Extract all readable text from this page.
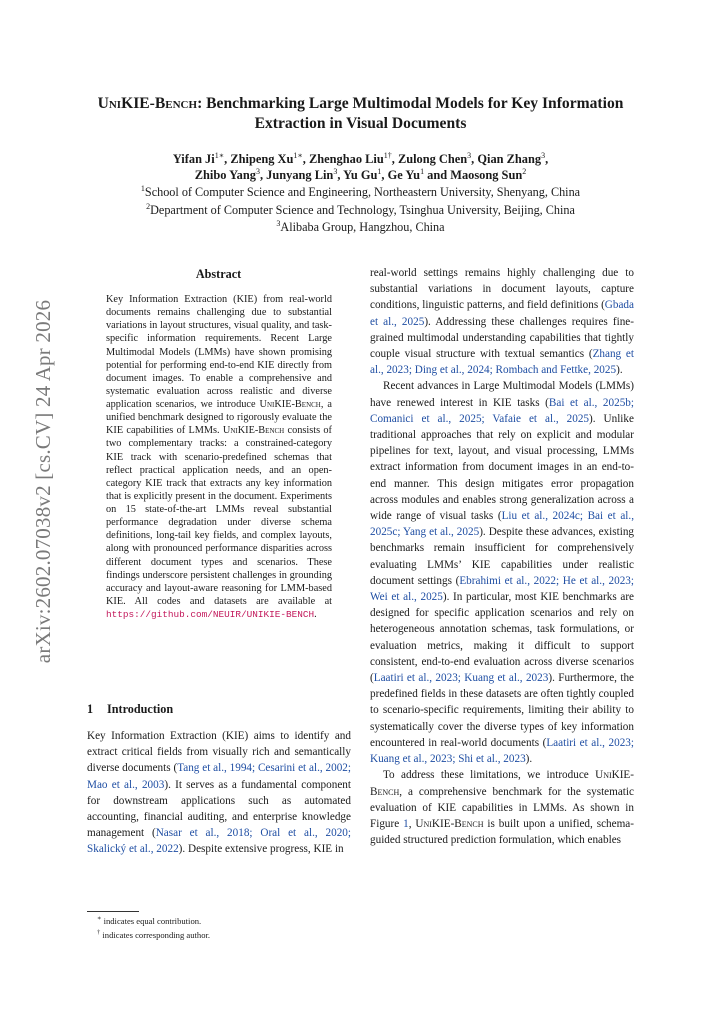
arXiv:2602.07038v2 [cs.CV] 24 Apr 2026
UniKIE-Bench: Benchmarking Large Multimodal Models for Key Information Extraction in Visual Documents
Yifan $Ji^{1∗}$, Zhipeng $Xu^{1∗}$, Zhenghao Liu$^{1\dagger}$, Zulong Chen$^3$, Qian Zhang$^3$,
Zhibo Yang$^3$, Junyang Lin$^3$, Yu Gu$^1$, Ge Yu$^1$ and Maosong Sun$^2$
$^1$School of Computer Science and Engineering, Northeastern University, Shenyang, China
$^2$Department of Computer Science and Technology, Tsinghua University, Beijing, China
$^3$Alibaba Group, Hangzhou, China
Abstract
Key Information Extraction (KIE) from real-world documents remains challenging due to substantial variations in layout structures, visual quality, and task-specific information requirements. Recent Large Multimodal Models (LMMs) have shown promising potential for performing end-to-end KIE directly from document images. To enable a comprehensive and systematic evaluation across realistic and diverse application scenarios, we introduce UniKIE-Bench, a unified benchmark designed to rigorously evaluate the KIE capabilities of LMMs. UniKIE-Bench consists of two complementary tracks: a constrained-category KIE track with scenario-predefined schemas that reflect practical application needs, and an open-category KIE track that extracts any key information that is explicitly present in the document. Experiments on 15 state-of-the-art LMMs reveal substantial performance degradation under diverse schema definitions, long-tail key fields, and complex layouts, along with pronounced performance disparities across different document types and scenarios. These findings underscore persistent challenges in grounding accuracy and layout-aware reasoning for LMM-based KIE. All codes and datasets are available at https://github.com/NEUIR/UNIKIE-BENCH.
1 Introduction
Key Information Extraction (KIE) aims to identify and extract critical fields from visually rich and semantically diverse documents (Tang et al., 1994; Cesarini et al., 2002; Mao et al., 2003). It serves as a fundamental component for downstream applications such as automated accounting, financial auditing, and enterprise knowledge management (Nasar et al., 2018; Oral et al., 2020; Skalický et al., 2022). Despite extensive progress, KIE in
∗ indicates equal contribution.
† indicates corresponding author.

real-world settings remains highly challenging due to substantial variations in document layouts, capture conditions, linguistic patterns, and field definitions (Gbada et al., 2025). Addressing these challenges requires fine-grained multimodal understanding capabilities that tightly couple visual structure with textual semantics (Zhang et al., 2023; Ding et al., 2024; Rombach and Fettke, 2025).

Recent advances in Large Multimodal Models (LMMs) have renewed interest in KIE tasks (Bai et al., 2025b; Comanici et al., 2025; Vafaie et al., 2025). Unlike traditional approaches that rely on explicit and modular pipelines for text, layout, and visual processing, LMMs extract information from document images in an end-to-end manner. This design mitigates error propagation across modules and enables strong generalization across a wide range of visual tasks (Liu et al., 2024c; Bai et al., 2025c; Yang et al., 2025). Despite these advances, existing benchmarks remain insufficient for comprehensively evaluating LMMs’ KIE capabilities under realistic document settings (Ebrahimi et al., 2022; He et al., 2023; Wei et al., 2025). In particular, most KIE benchmarks are designed for specific application scenarios and rely on heterogeneous annotation schemas, task formulations, or evaluation metrics, making it difficult to support consistent, end-to-end evaluation across diverse scenarios (Laatiri et al., 2023; Kuang et al., 2023). Furthermore, the predefined fields in these datasets are often tightly coupled to scenario-specific requirements, limiting their ability to systematically cover the diverse types of key information encountered in real-world documents (Laatiri et al., 2023; Kuang et al., 2023; Shi et al., 2023).

To address these limitations, we introduce UniKIE-Bench, a comprehensive benchmark for the systematic evaluation of KIE capabilities in LMMs. As shown in Figure 1, UniKIE-Bench is built upon a unified, schema-guided structured prediction formulation, which enables
